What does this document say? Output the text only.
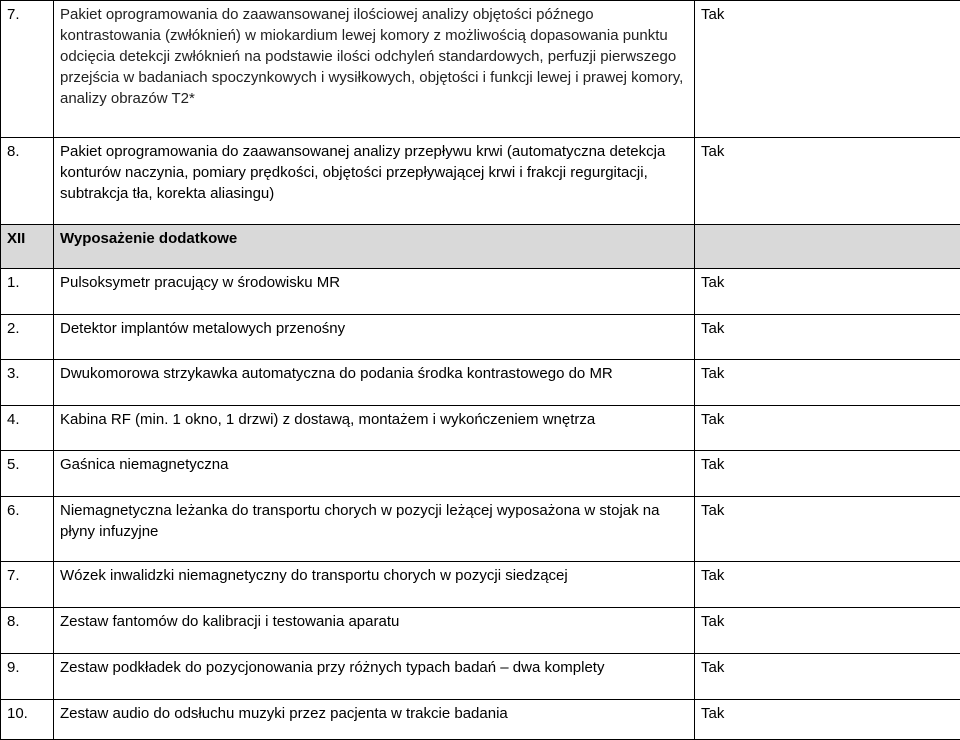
7.	Pakiet oprogramowania do zaawansowanej ilościowej analizy objętości późnego kontrastowania (zwłóknień) w miokardium lewej komory z możliwością dopasowania punktu odcięcia detekcji zwłóknień na podstawie ilości odchyleń standardowych, perfuzji pierwszego przejścia w badaniach spoczynkowych i wysiłkowych, objętości i funkcji lewej i prawej komory, analizy obrazów T2*	Tak
8.	Pakiet oprogramowania do zaawansowanej analizy przepływu krwi (automatyczna detekcja konturów naczynia, pomiary prędkości, objętości przepływającej krwi i frakcji regurgitacji, subtrakcja tła, korekta aliasingu)	Tak
XII	Wyposażenie dodatkowe	
1.	Pulsoksymetr pracujący w środowisku MR	Tak
2.	Detektor implantów metalowych przenośny	Tak
3.	Dwukomorowa strzykawka automatyczna do podania środka kontrastowego do MR	Tak
4.	Kabina RF (min. 1 okno, 1 drzwi) z dostawą, montażem i wykończeniem wnętrza	Tak
5.	Gaśnica niemagnetyczna	Tak
6.	Niemagnetyczna leżanka do transportu chorych w pozycji leżącej wyposażona w stojak na płyny infuzyjne	Tak
7.	Wózek inwalidzki niemagnetyczny do transportu chorych w pozycji siedzącej	Tak
8.	Zestaw fantomów do kalibracji i testowania aparatu	Tak
9.	Zestaw podkładek do pozycjonowania przy różnych typach badań – dwa komplety	Tak
10.	Zestaw audio do odsłuchu muzyki przez pacjenta w trakcie badania	Tak
